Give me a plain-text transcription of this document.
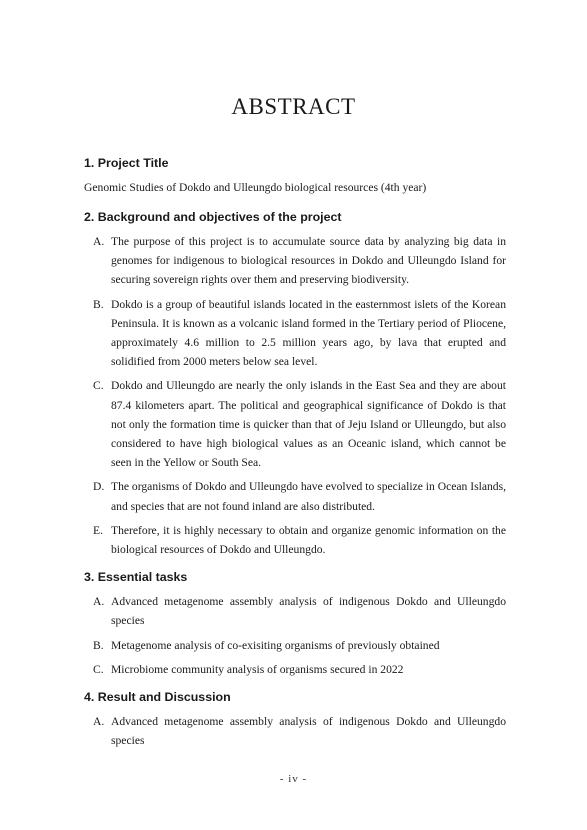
ABSTRACT
1. Project Title
Genomic Studies of Dokdo and Ulleungdo biological resources (4th year)
2. Background and objectives of the project
A. The purpose of this project is to accumulate source data by analyzing big data in genomes for indigenous to biological resources in Dokdo and Ulleungdo Island for securing sovereign rights over them and preserving biodiversity.
B. Dokdo is a group of beautiful islands located in the easternmost islets of the Korean Peninsula. It is known as a volcanic island formed in the Tertiary period of Pliocene, approximately 4.6 million to 2.5 million years ago, by lava that erupted and solidified from 2000 meters below sea level.
C. Dokdo and Ulleungdo are nearly the only islands in the East Sea and they are about 87.4 kilometers apart. The political and geographical significance of Dokdo is that not only the formation time is quicker than that of Jeju Island or Ulleungdo, but also considered to have high biological values as an Oceanic island, which cannot be seen in the Yellow or South Sea.
D. The organisms of Dokdo and Ulleungdo have evolved to specialize in Ocean Islands, and species that are not found inland are also distributed.
E. Therefore, it is highly necessary to obtain and organize genomic information on the biological resources of Dokdo and Ulleungdo.
3. Essential tasks
A. Advanced metagenome assembly analysis of indigenous Dokdo and Ulleungdo species
B. Metagenome analysis of co-exisiting organisms of previously obtained
C. Microbiome community analysis of organisms secured in 2022
4. Result and Discussion
A. Advanced metagenome assembly analysis of indigenous Dokdo and Ulleungdo species
- iv -
